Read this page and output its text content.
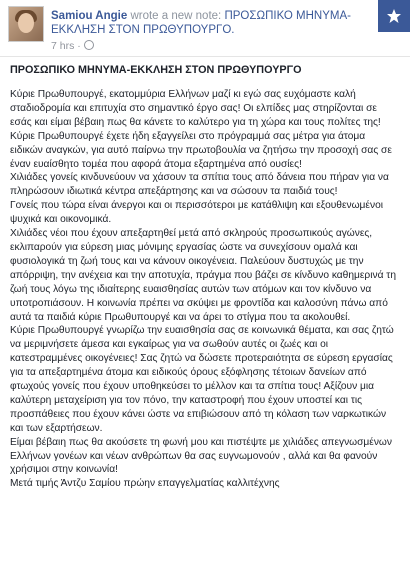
Samiou Angie wrote a new note: ΠΡΟΣΩΠΙΚΟ ΜΗΝΥΜΑ-ΕΚΚΛΗΣΗ ΣΤΟΝ ΠΡΩΘΥΠΟΥΡΓΟ.
7 hrs ·
ΠΡΟΣΩΠΙΚΟ ΜΗΝΥΜΑ-ΕΚΚΛΗΣΗ ΣΤΟΝ ΠΡΩΘΥΠΟΥΡΓΟ

Κύριε Πρωθυπουργέ, εκατομμύρια Ελλήνων μαζί κι εγώ σας ευχόμαστε καλή σταδιοδρομία και επιτυχία στο σημαντικό έργο σας! Οι ελπίδες μας στηρίζονται σε εσάς και είμαι βέβαιη πως θα κάνετε το καλύτερο για τη χώρα και τους πολίτες της!

Κύριε Πρωθυπουργέ έχετε ήδη εξαγγείλει στο πρόγραμμά σας μέτρα για άτομα ειδικών αναγκών, για αυτό παίρνω την πρωτοβουλία να ζητήσω την προσοχή σας σε έναν ευαίσθητο τομέα που αφορά άτομα εξαρτημένα από ουσίες!

Χιλιάδες γονείς κινδυνεύουν να χάσουν τα σπίτια τους από δάνεια που πήραν για να πληρώσουν ιδιωτικά κέντρα απεξάρτησης και να σώσουν τα παιδιά τους!

Γονείς που τώρα είναι άνεργοι και οι περισσότεροι με κατάθλιψη και εξουθενωμένοι ψυχικά και οικονομικά.

Χιλιάδες νέοι που έχουν απεξαρτηθεί μετά από σκληρούς προσωπικούς αγώνες, εκλιπαρούν για εύρεση μιας μόνιμης εργασίας ώστε να συνεχίσουν ομαλά και φυσιολογικά τη ζωή τους και να κάνουν οικογένεια. Παλεύουν δυστυχώς με την απόρριψη, την ανέχεια και την αποτυχία, πράγμα που βάζει σε κίνδυνο καθημερινά τη ζωή τους λόγω της ιδιαίτερης ευαισθησίας αυτών των ατόμων και τον κίνδυνο να υποτροπιάσουν. Η κοινωνία πρέπει να σκύψει με φροντίδα και καλοσύνη πάνω από αυτά τα παιδιά κύριε Πρωθυπουργέ και να άρει το στίγμα που τα ακολουθεί.

Κύριε Πρωθυπουργέ γνωρίζω την ευαισθησία σας σε κοινωνικά θέματα, και σας ζητώ να μεριμνήσετε άμεσα και εγκαίρως για να σωθούν αυτές οι ζωές και οι κατεστραμμένες οικογένειες! Σας ζητώ να δώσετε προτεραιότητα σε εύρεση εργασίας για τα απεξαρτημένα άτομα και ειδικούς όρους εξόφλησης τέτοιων δανείων από φτωχούς γονείς που έχουν υποθηκεύσει το μέλλον και τα σπίτια τους! Αξίζουν μια καλύτερη μεταχείριση για τον πόνο, την καταστροφή που έχουν υποστεί και τις προσπάθειες που έχουν κάνει ώστε να επιβιώσουν από τη κόλαση των ναρκωτικών και των εξαρτήσεων.

Είμαι βέβαιη πως θα ακούσετε τη φωνή μου και πιστέψτε με χιλιάδες απεγνωσμένων Ελλήνων γονέων και νέων ανθρώπων θα σας ευγνωμονούν , αλλά και θα φανούν χρήσιμοι στην κοινωνία!

Μετά τιμής Άντζυ Σαμίου πρώην επαγγελματίας καλλιτέχνης
